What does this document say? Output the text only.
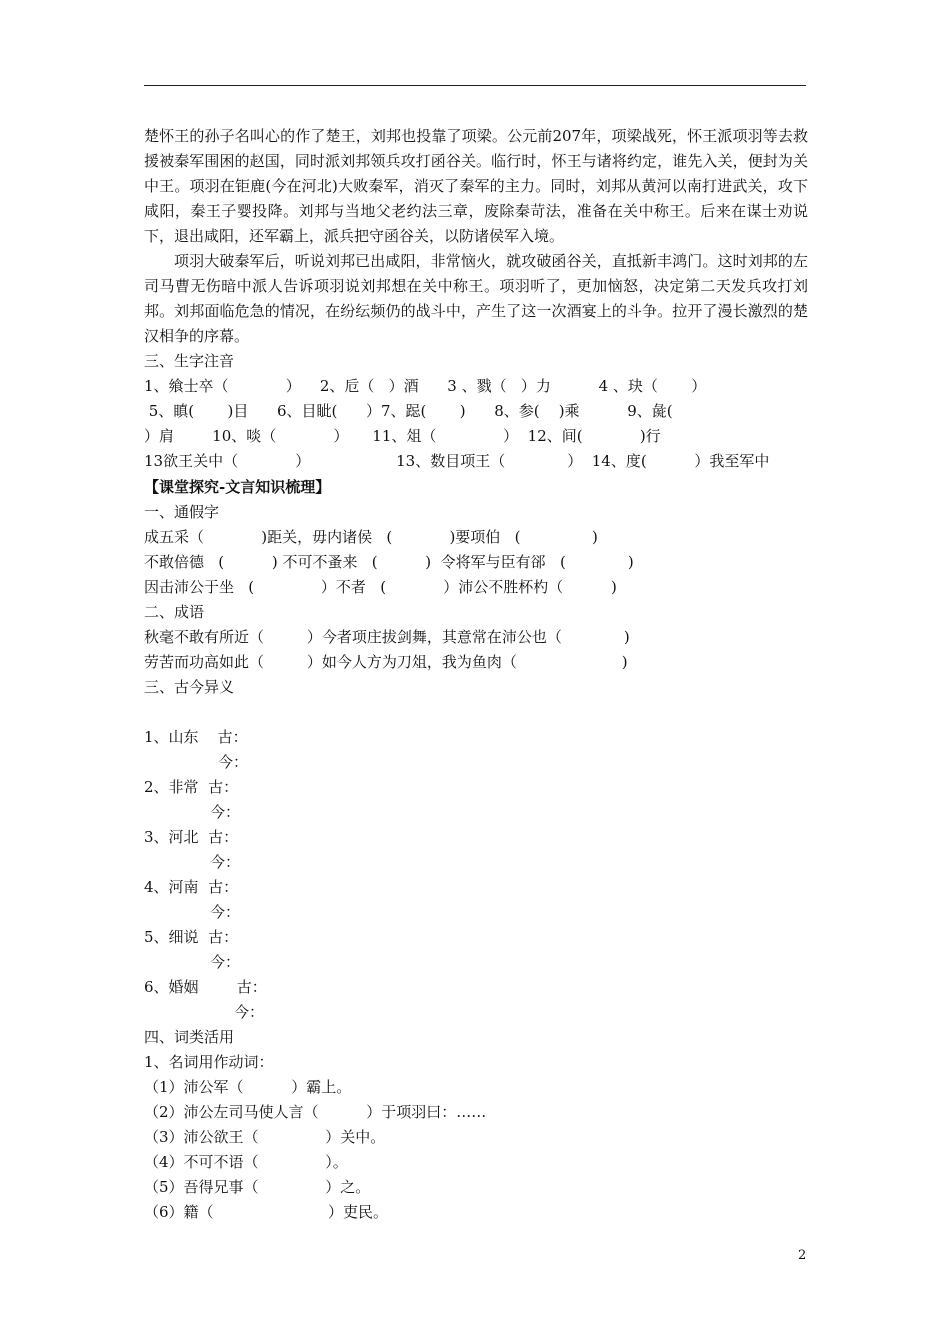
楚怀王的孙子名叫心的作了楚王，刘邦也投靠了项梁。公元前207年，项梁战死，怀王派项羽等去救援被秦军围困的赵国，同时派刘邦领兵攻打函谷关。临行时，怀王与诸将约定，谁先入关，便封为关中王。项羽在钜鹿(今在河北)大败秦军，消灭了秦军的主力。同时，刘邦从黄河以南打进武关，攻下咸阳，秦王子婴投降。刘邦与当地父老约法三章，废除秦苛法，准备在关中称王。后来在谋士劝说下，退出咸阳，还军霸上，派兵把守函谷关，以防诸侯军入境。
项羽大破秦军后，听说刘邦已出咸阳，非常恼火，就攻破函谷关，直抵新丰鸿门。这时刘邦的左司马曹无伤暗中派人告诉项羽说刘邦想在关中称王。项羽听了，更加恼怒，决定第二天发兵攻打刘邦。刘邦面临危急的情况，在纷纭频仍的战斗中，产生了这一次酒宴上的斗争。拉开了漫长激烈的楚汉相争的序幕。
三、生字注音
1、飨士卒（            ）    2、卮（   ）酒      3 、戮（   ）力          4 、玦（       ）
5、瞋(       )目      6、目眦(      ）7、跽(       )      8、参(    )乘          9、彘(
）肩        10、啖（            ）     11、俎（              ）  12、间(            )行
13欲王关中（            ）                  13、数目项王（             ）  14、度(          ）我至军中
【课堂探究-文言知识梳理】
一、通假字
成五采（            )距关，毋内诸侯   (            )要项伯   (               )
不敢倍德   (          ) 不可不蚤来   (          )  令将军与臣有郤   (             )
因击沛公于坐   (              ）不者   (            ）沛公不胜杯杓（          )
二、成语
秋毫不敢有所近（         ）今者项庄拔剑舞，其意常在沛公也（             )
劳苦而功高如此（         ）如今人方为刀俎，我为鱼肉（                      )
三、古今异义
1、山东    古：
今：
2、非常  古：
今：
3、河北  古：
今：
4、河南  古：
今：
5、细说  古：
今：
6、婚姻        古：
今：
四、词类活用
1、名词用作动词：
（1）沛公军（          ）霸上。
（2）沛公左司马使人言（          ）于项羽曰：……
（3）沛公欲王（              ）关中。
（4）不可不语（              ）。
（5）吾得兄事（              ）之。
（6）籍（                        ）吏民。
2
